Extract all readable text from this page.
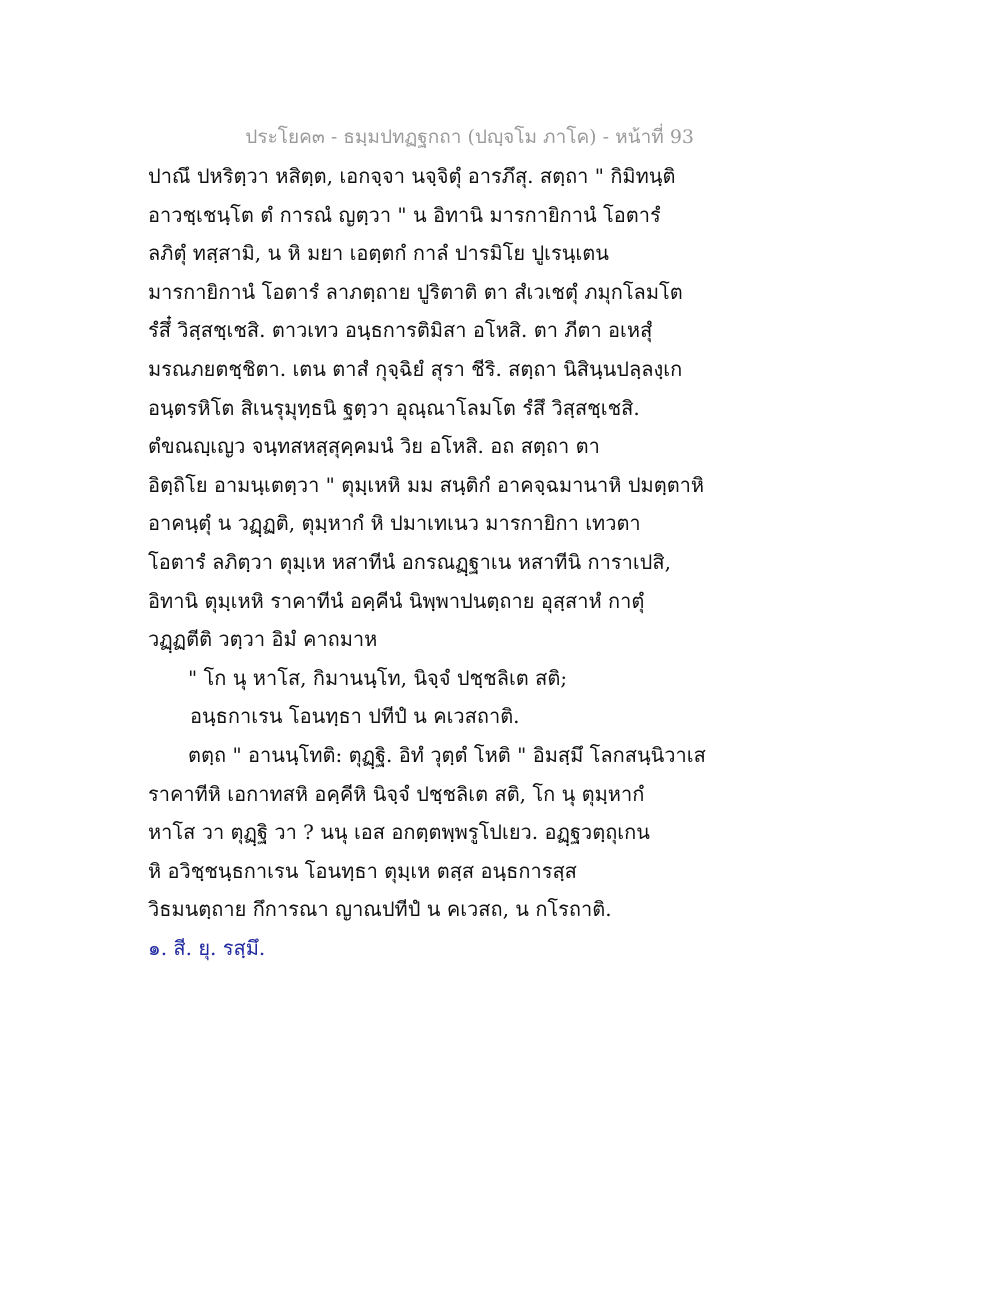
ประโยค๓ - ธมฺมปทฏฐกถา (ปญฺจโม ภาโค) - หน้าที่ 93
ปาณึ ปหริตฺวา หสิตฺต, เอกจฺจา นจฺจิตุํ อารภึสุ. สตฺถา " กิมิทนฺติ
อาวชฺเชนฺโต ตํ การณํ ญตฺวา " น อิทานิ มารกายิกานํ โอตารํ
ลภิตุํ ทสฺสามิ, น หิ มยา เอตฺตกํ กาลํ ปารมิโย ปูเรนฺเตน
มารกายิกานํ โอตารํ ลาภตฺถาย ปูริตาติ ตา สํเวเชตุํ ภมุกโลมโต
รํสึ๋ วิสฺสชฺเชสิ. ตาวเทว อนฺธการติมิสา อโหสิ. ตา ภีตา อเหสุํ
มรณภยตชฺชิตา. เตน ตาสํ กุจฺฉิยํ สุรา ชีริ. สตฺถา นิสินฺนปลฺลงฺเก
อนฺตรหิโต สิเนรุมุทฺธนิ ฐตฺวา อุณฺณาโลมโต รํสึ วิสฺสชฺเชสิ.
ตํขณญฺเญว จนฺทสหสฺสุคฺคมนํ วิย อโหสิ. อถ สตฺถา ตา
อิตฺถิโย อามนฺเตตฺวา " ตุมฺเหหิ มม สนฺติกํ อาคจฺฉมานาหิ ปมตฺตาหิ
อาคนฺตุํ น วฏฺฏติ, ตุมฺหากํ หิ ปมาเทเนว มารกายิกา เทวตา
โอตารํ ลภิตฺวา ตุมฺเห หสาทีนํ อกรณฏฺฐาเน หสาทีนิ การาเปสิ,
อิทานิ ตุมฺเหหิ ราคาทีนํ อคฺคีนํ นิพฺพาปนตฺถาย อุสฺสาหํ กาตุํ
วฏฺฏตีติ วตฺวา อิมํ คาถมาห
" โก นุ หาโส, กิมานนฺโท, นิจฺจํ ปชฺชลิเต สติ;
อนฺธกาเรน โอนทฺธา ปทีปํ น คเวสถาติ.
ตตฺถ " อานนฺโทติ: ตุฏฺฐิ. อิทํ วุตฺตํ โหติ " อิมสฺมึ โลกสนฺนิวาเส
ราคาทีหิ เอกาทสหิ อคฺคีหิ นิจฺจํ ปชฺชลิเต สติ, โก นุ ตุมฺหากํ
หาโส วา ตุฏฺฐิ วา ? นนุ เอส อกตฺตพฺพรูโปเยว. อฏฺฐวตฺถุเกน
หิ อวิชฺชนฺธกาเรน โอนทฺธา ตุมฺเห ตสฺส อนฺธการสฺส
วิธมนตฺถาย กึการณา ญาณปทีปํ น คเวสถ, น กโรถาติ.
๑. สี. ยุ. รสฺมึ.
